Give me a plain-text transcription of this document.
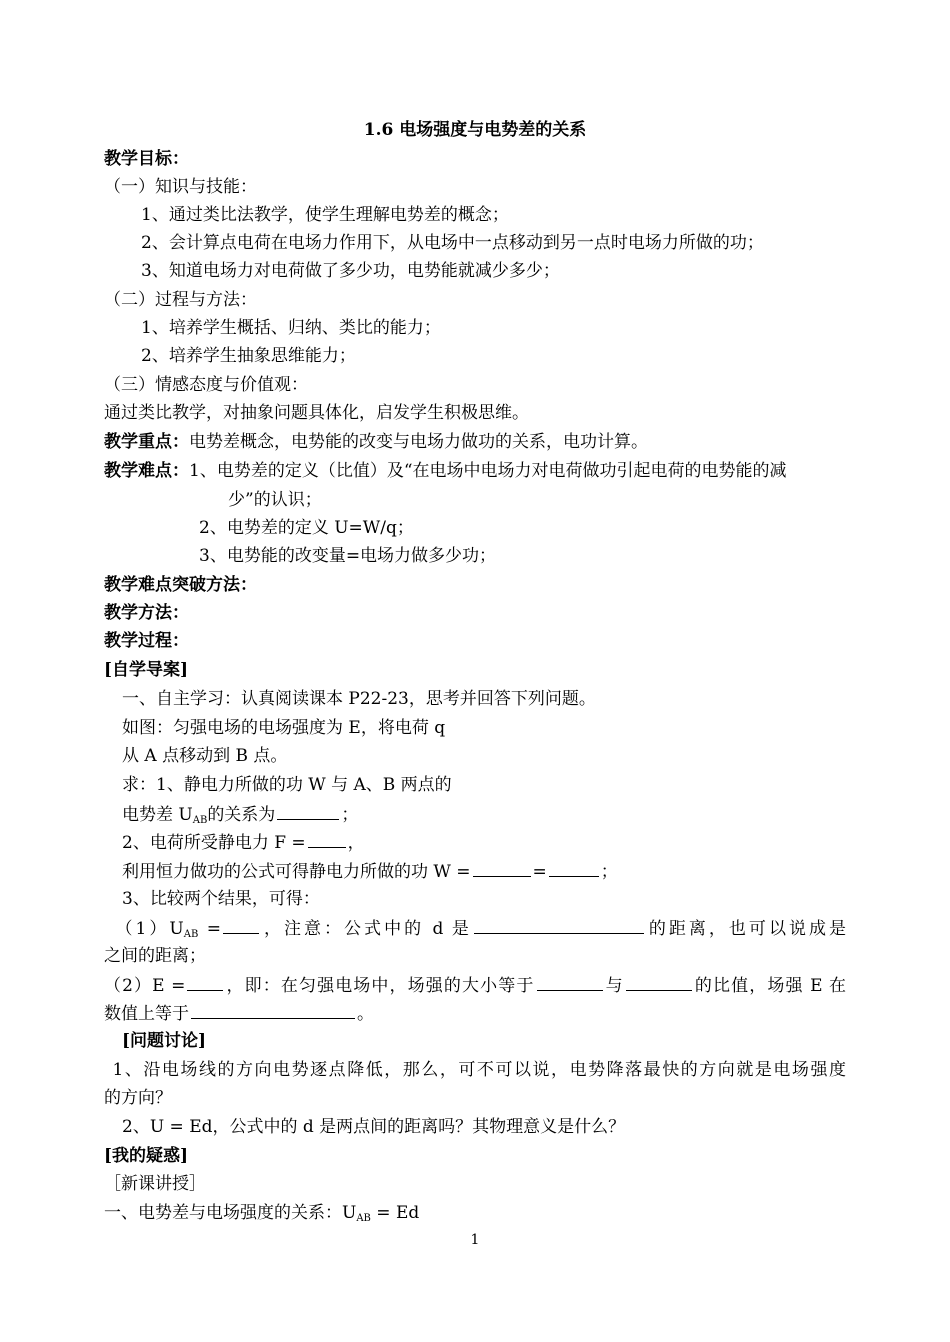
1.6 电场强度与电势差的关系
教学目标：
（一）知识与技能：
1、通过类比法教学，使学生理解电势差的概念；
2、会计算点电荷在电场力作用下，从电场中一点移动到另一点时电场力所做的功；
3、知道电场力对电荷做了多少功，电势能就减少多少；
（二）过程与方法：
1、培养学生概括、归纳、类比的能力；
2、培养学生抽象思维能力；
（三）情感态度与价值观：
通过类比教学，对抽象问题具体化，启发学生积极思维。
教学重点：电势差概念，电势能的改变与电场力做功的关系，电功计算。
教学难点：1、电势差的定义（比值）及“在电场中电场力对电荷做功引起电荷的电势能的减
少”的认识；
2、电势差的定义 U=W/q；
3、电势能的改变量=电场力做多少功；
教学难点突破方法：
教学方法：
教学过程：
[自学导案]
一、自主学习：认真阅读课本 P22-23，思考并回答下列问题。
如图：匀强电场的电场强度为 E，将电荷 q
从 A 点移动到 B 点。
求：1、静电力所做的功 W 与 A、B 两点的
电势差 $U_{AB}$的关系为	；
2、电荷所受静电力 F = ，
利用恒力做功的公式可得静电力所做的功 W =	=	；
3、比较两个结果，可得：
 $(1)U_{AB}$ = ，注意：公式中的 d 是	的距离，也可以说成是
之间的距离；
（2）E = ，即：在匀强电场中，场强的大小等于	与	的比值，场强 E 在
数值上等于	。
[问题讨论]
 1、沿电场线的方向电势逐点降低，那么，可不可以说，电势降落最快的方向就是电场强度
的方向？
2、U = Ed，公式中的 d 是两点间的距离吗？其物理意义是什么？
[我的疑惑]
［新课讲授］
一、电势差与电场强度的关系：$U_{AB} = Ed$
1
